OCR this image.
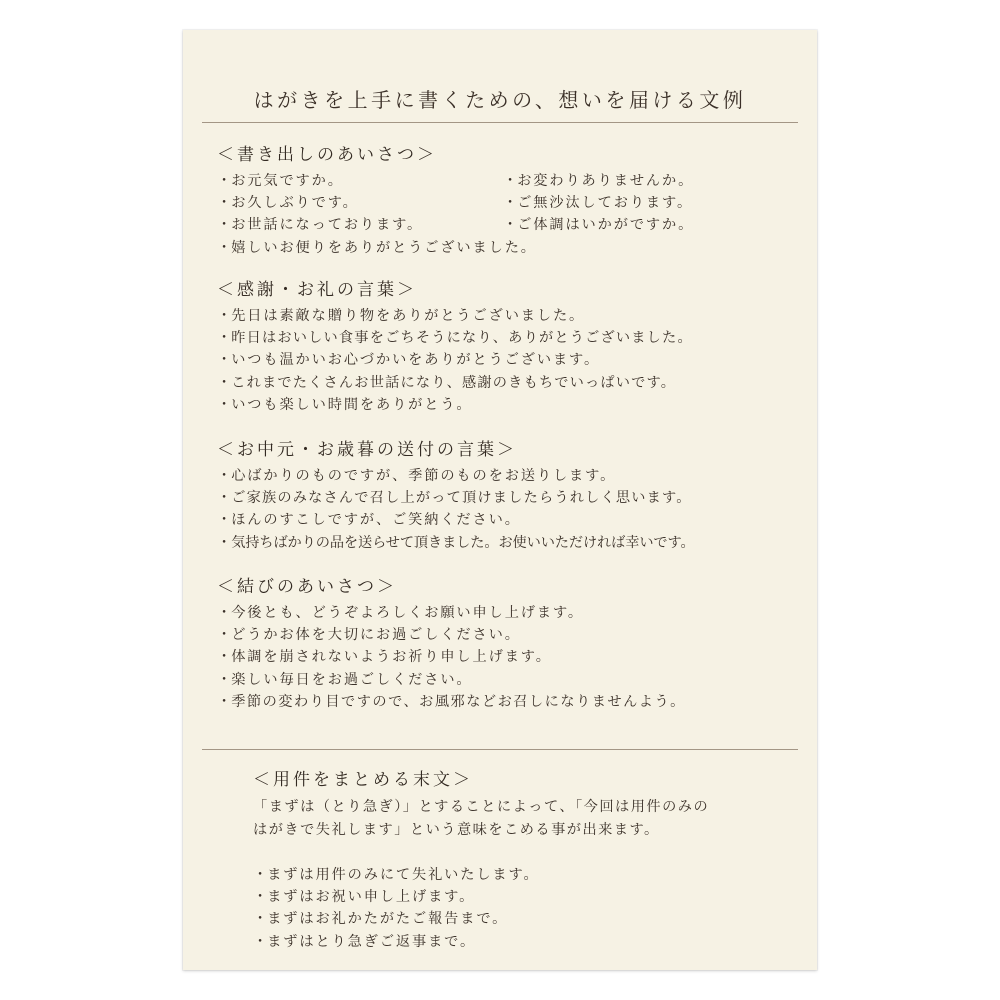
はがきを上手に書くための、想いを届ける文例
＜書き出しのあいさつ＞
・ お元気ですか。	・ お変わりありませんか。
・ お久しぶりです。	・ ご無沙汰しております。
・ お世話になっております。	・ ご体調はいかがですか。
・ 嬉しいお便りをありがとうございました。
＜感謝・お礼の言葉＞
・ 先日は素敵な贈り物をありがとうございました。
・ 昨日はおいしい食事をごちそうになり、ありがとうございました。
・ いつも温かいお心づかいをありがとうございます。
・ これまでたくさんお世話になり、感謝のきもちでいっぱいです。
・ いつも楽しい時間をありがとう。
＜お中元・お歳暮の送付の言葉＞
・ 心ばかりのものですが、季節のものをお送りします。
・ ご家族のみなさんで召し上がって頂けましたらうれしく思います。
・ ほんのすこしですが、ご笑納ください。
・ 気持ちばかりの品を送らせて頂きました。お使いいただければ幸いです。
＜結びのあいさつ＞
・ 今後とも、どうぞよろしくお願い申し上げます。
・ どうかお体を大切にお過ごしください。
・ 体調を崩されないようお祈り申し上げます。
・ 楽しい毎日をお過ごしください。
・ 季節の変わり目ですので、お風邪などお召しになりませんよう。
＜用件をまとめる末文＞

「まずは（とり急ぎ）」とすることによって、「今回は用件のみの

はがきで失礼します」という意味をこめる事が出来ます。

・ まずは用件のみにて失礼いたします。
・ まずはお祝い申し上げます。
・ まずはお礼かたがたご報告まで。
・ まずはとり急ぎご返事まで。
